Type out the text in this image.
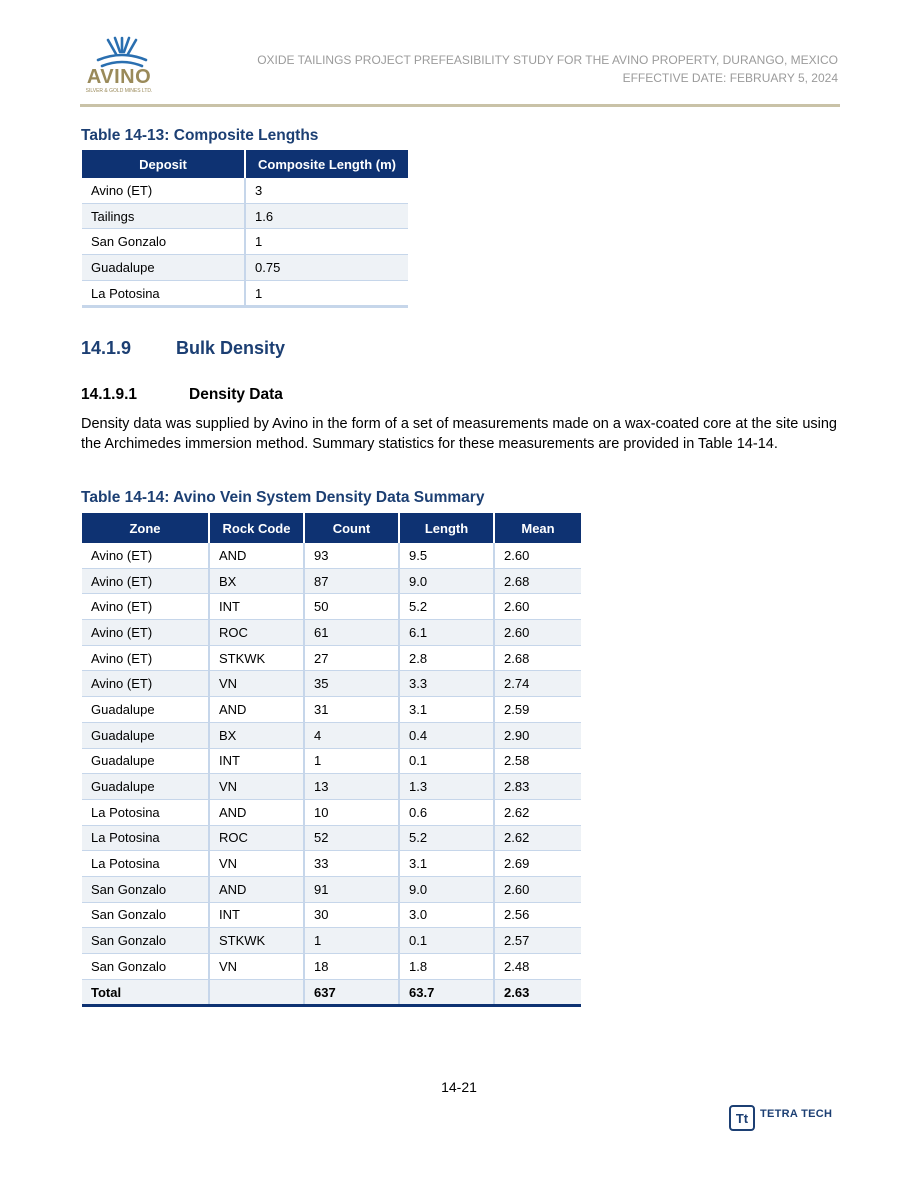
AVINO
SILVER & GOLD MINES LTD.
OXIDE TAILINGS PROJECT PREFEASIBILITY STUDY FOR THE AVINO PROPERTY, DURANGO, MEXICO
EFFECTIVE DATE: FEBRUARY 5, 2024
Table 14-13: Composite Lengths
Deposit	Composite Length (m)
Avino (ET)	3
Tailings	1.6
San Gonzalo	1
Guadalupe	0.75
La Potosina	1
14.1.9 Bulk Density
14.1.9.1	Density Data
Density data was supplied by Avino in the form of a set of measurements made on a wax-coated core at the site using the Archimedes immersion method. Summary statistics for these measurements are provided in Table 14-14.
Table 14-14: Avino Vein System Density Data Summary
Zone	Rock Code	Count	Length	Mean
Avino (ET)	AND	93	9.5	2.60
Avino (ET)	BX	87	9.0	2.68
Avino (ET)	INT	50	5.2	2.60
Avino (ET)	ROC	61	6.1	2.60
Avino (ET)	STKWK	27	2.8	2.68
Avino (ET)	VN	35	3.3	2.74
Guadalupe	AND	31	3.1	2.59
Guadalupe	BX	4	0.4	2.90
Guadalupe	INT	1	0.1	2.58
Guadalupe	VN	13	1.3	2.83
La Potosina	AND	10	0.6	2.62
La Potosina	ROC	52	5.2	2.62
La Potosina	VN	33	3.1	2.69
San Gonzalo	AND	91	9.0	2.60
San Gonzalo	INT	30	3.0	2.56
San Gonzalo	STKWK	1	0.1	2.57
San Gonzalo	VN	18	1.8	2.48
Total		637	63.7	2.63
14-21
Tt TETRA TECH
